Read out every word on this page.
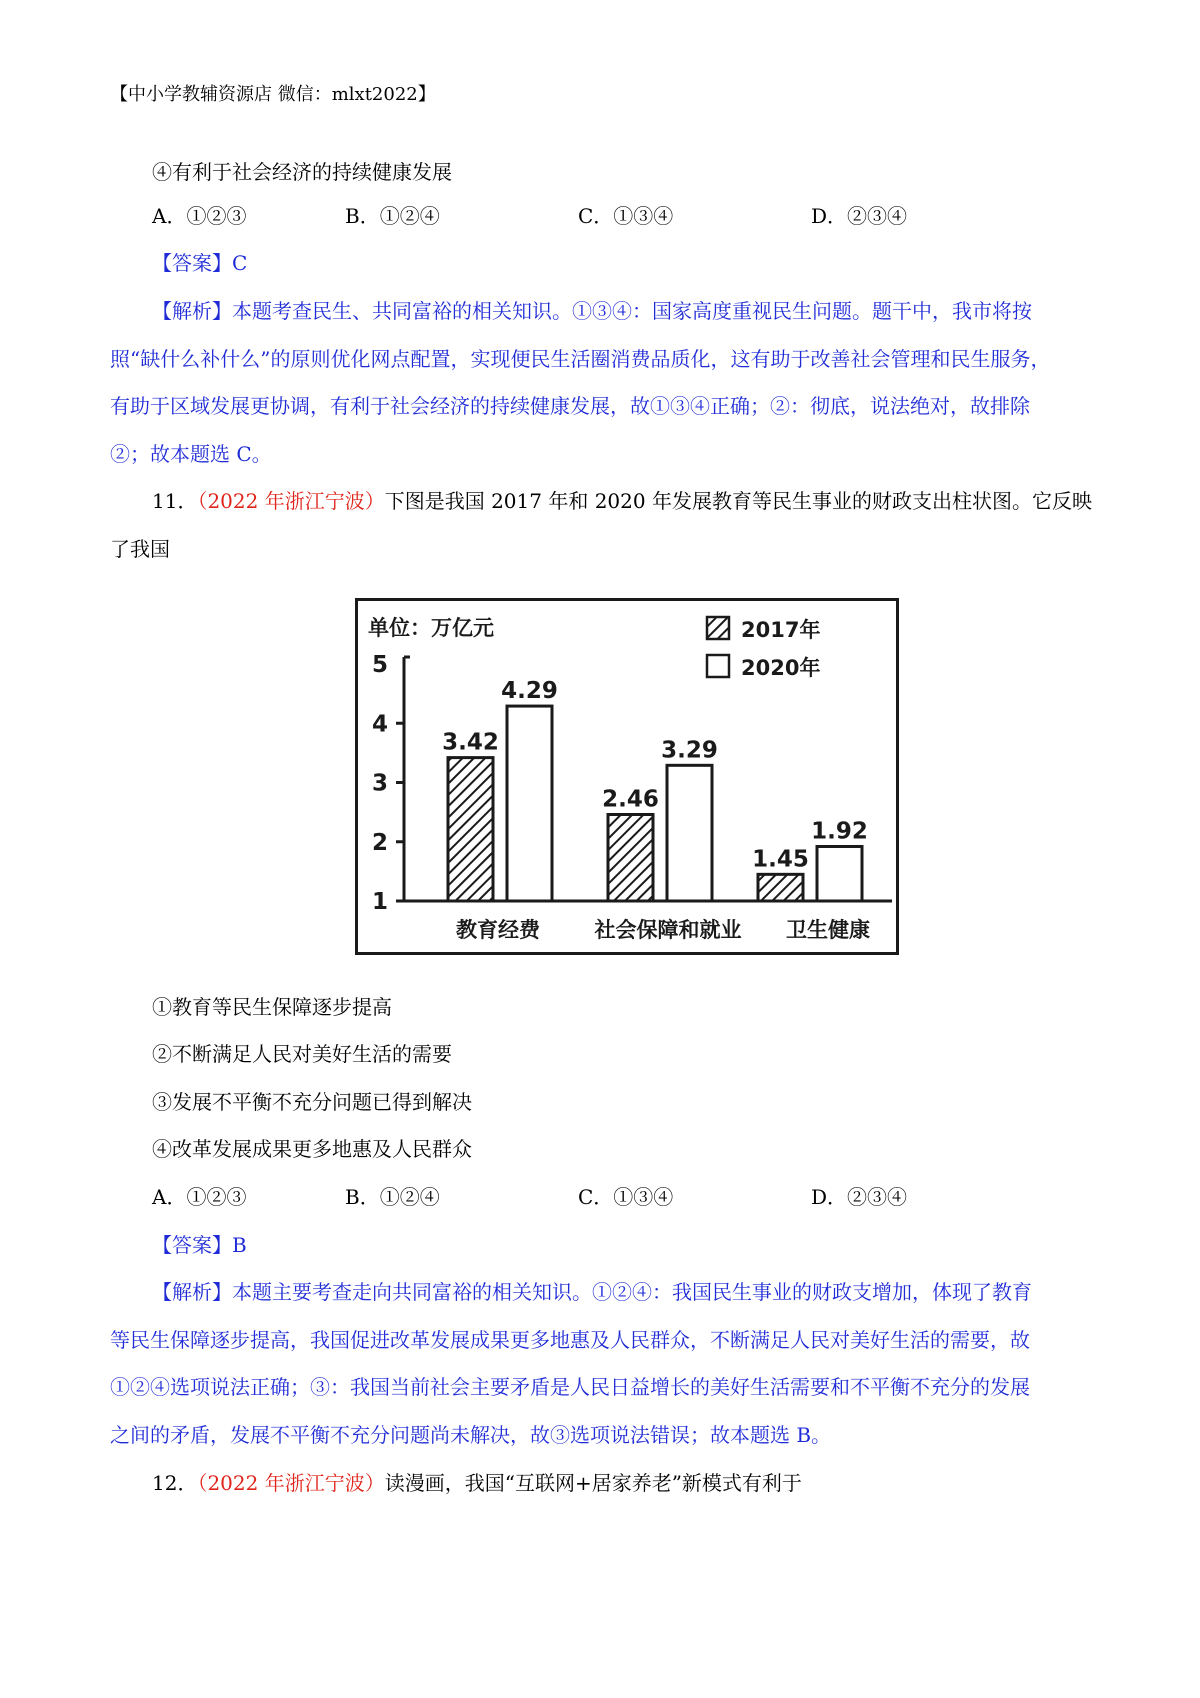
【中小学教辅资源店 微信：mlxt2022】
④有利于社会经济的持续健康发展
A．①②③	B．①②④	C．①③④	D．②③④
【答案】C
【解析】本题考查民生、共同富裕的相关知识。①③④：国家高度重视民生问题。题干中，我市将按
照“缺什么补什么”的原则优化网点配置，实现便民生活圈消费品质化，这有助于改善社会管理和民生服务，
有助于区域发展更协调，有利于社会经济的持续健康发展，故①③④正确；②：彻底，说法绝对，故排除
②；故本题选 C。
11．（2022 年浙江宁波）下图是我国 2017 年和 2020 年发展教育等民生事业的财政支出柱状图。它反映
了我国
单位：万亿元
1
2
3
4
5
3.42
4.29
教育经费
2.46
3.29
社会保障和就业
1.45
1.92
卫生健康
2017年
2020年
①教育等民生保障逐步提高
②不断满足人民对美好生活的需要
③发展不平衡不充分问题已得到解决
④改革发展成果更多地惠及人民群众
A．①②③	B．①②④	C．①③④	D．②③④
【答案】B
【解析】本题主要考查走向共同富裕的相关知识。①②④：我国民生事业的财政支增加，体现了教育
等民生保障逐步提高，我国促进改革发展成果更多地惠及人民群众，不断满足人民对美好生活的需要，故
①②④选项说法正确；③：我国当前社会主要矛盾是人民日益增长的美好生活需要和不平衡不充分的发展
之间的矛盾，发展不平衡不充分问题尚未解决，故③选项说法错误；故本题选 B。
12．（2022 年浙江宁波）读漫画，我国“互联网+居家养老”新模式有利于
